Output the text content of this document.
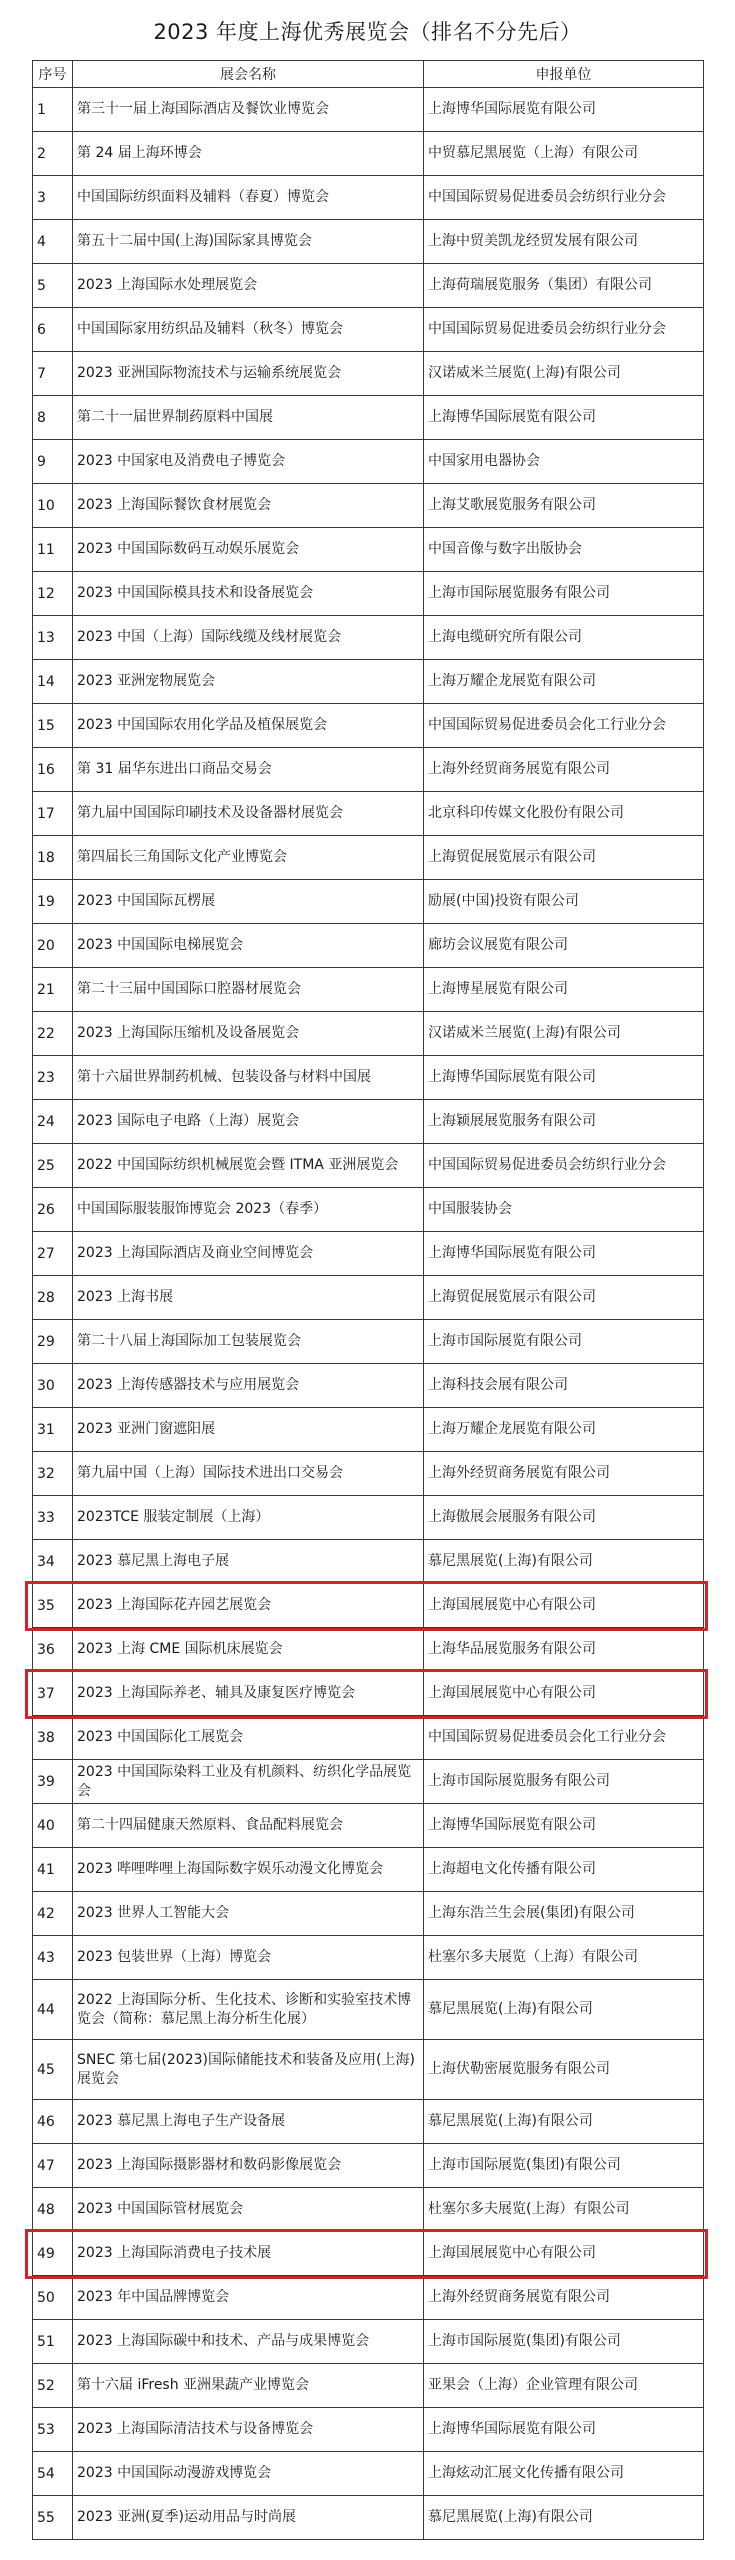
2023 年度上海优秀展览会（排名不分先后）
序号	展会名称	申报单位
1	第三十一届上海国际酒店及餐饮业博览会	上海博华国际展览有限公司
2	第 24 届上海环博会	中贸慕尼黑展览（上海）有限公司
3	中国国际纺织面料及辅料（春夏）博览会	中国国际贸易促进委员会纺织行业分会
4	第五十二届中国(上海)国际家具博览会	上海中贸美凯龙经贸发展有限公司
5	2023 上海国际水处理展览会	上海荷瑞展览服务（集团）有限公司
6	中国国际家用纺织品及辅料（秋冬）博览会	中国国际贸易促进委员会纺织行业分会
7	2023 亚洲国际物流技术与运输系统展览会	汉诺威米兰展览(上海)有限公司
8	第二十一届世界制药原料中国展	上海博华国际展览有限公司
9	2023 中国家电及消费电子博览会	中国家用电器协会
10	2023 上海国际餐饮食材展览会	上海艾歌展览服务有限公司
11	2023 中国国际数码互动娱乐展览会	中国音像与数字出版协会
12	2023 中国国际模具技术和设备展览会	上海市国际展览服务有限公司
13	2023 中国（上海）国际线缆及线材展览会	上海电缆研究所有限公司
14	2023 亚洲宠物展览会	上海万耀企龙展览有限公司
15	2023 中国国际农用化学品及植保展览会	中国国际贸易促进委员会化工行业分会
16	第 31 届华东进出口商品交易会	上海外经贸商务展览有限公司
17	第九届中国国际印刷技术及设备器材展览会	北京科印传媒文化股份有限公司
18	第四届长三角国际文化产业博览会	上海贸促展览展示有限公司
19	2023 中国国际瓦楞展	励展(中国)投资有限公司
20	2023 中国国际电梯展览会	廊坊会议展览有限公司
21	第二十三届中国国际口腔器材展览会	上海博星展览有限公司
22	2023 上海国际压缩机及设备展览会	汉诺威米兰展览(上海)有限公司
23	第十六届世界制药机械、包装设备与材料中国展	上海博华国际展览有限公司
24	2023 国际电子电路（上海）展览会	上海颖展展览服务有限公司
25	2022 中国国际纺织机械展览会暨 ITMA 亚洲展览会	中国国际贸易促进委员会纺织行业分会
26	中国国际服装服饰博览会 2023（春季）	中国服装协会
27	2023 上海国际酒店及商业空间博览会	上海博华国际展览有限公司
28	2023 上海书展	上海贸促展览展示有限公司
29	第二十八届上海国际加工包装展览会	上海市国际展览有限公司
30	2023 上海传感器技术与应用展览会	上海科技会展有限公司
31	2023 亚洲门窗遮阳展	上海万耀企龙展览有限公司
32	第九届中国（上海）国际技术进出口交易会	上海外经贸商务展览有限公司
33	2023TCE 服装定制展（上海）	上海傲展会展服务有限公司
34	2023 慕尼黑上海电子展	慕尼黑展览(上海)有限公司
35	2023 上海国际花卉园艺展览会	上海国展展览中心有限公司
36	2023 上海 CME 国际机床展览会	上海华品展览服务有限公司
37	2023 上海国际养老、辅具及康复医疗博览会	上海国展展览中心有限公司
38	2023 中国国际化工展览会	中国国际贸易促进委员会化工行业分会
39	2023 中国国际染料工业及有机颜料、纺织化学品展览会	上海市国际展览服务有限公司
40	第二十四届健康天然原料、食品配料展览会	上海博华国际展览有限公司
41	2023 哔哩哔哩上海国际数字娱乐动漫文化博览会	上海超电文化传播有限公司
42	2023 世界人工智能大会	上海东浩兰生会展(集团)有限公司
43	2023 包装世界（上海）博览会	杜塞尔多夫展览（上海）有限公司
44	2022 上海国际分析、生化技术、诊断和实验室技术博览会（简称：慕尼黑上海分析生化展）	慕尼黑展览(上海)有限公司
45	SNEC 第七届(2023)国际储能技术和装备及应用(上海)展览会	上海伏勒密展览服务有限公司
46	2023 慕尼黑上海电子生产设备展	慕尼黑展览(上海)有限公司
47	2023 上海国际摄影器材和数码影像展览会	上海市国际展览(集团)有限公司
48	2023 中国国际管材展览会	杜塞尔多夫展览(上海）有限公司
49	2023 上海国际消费电子技术展	上海国展展览中心有限公司
50	2023 年中国品牌博览会	上海外经贸商务展览有限公司
51	2023 上海国际碳中和技术、产品与成果博览会	上海市国际展览(集团)有限公司
52	第十六届 iFresh 亚洲果蔬产业博览会	亚果会（上海）企业管理有限公司
53	2023 上海国际清洁技术与设备博览会	上海博华国际展览有限公司
54	2023 中国国际动漫游戏博览会	上海炫动汇展文化传播有限公司
55	2023 亚洲(夏季)运动用品与时尚展	慕尼黑展览(上海)有限公司
